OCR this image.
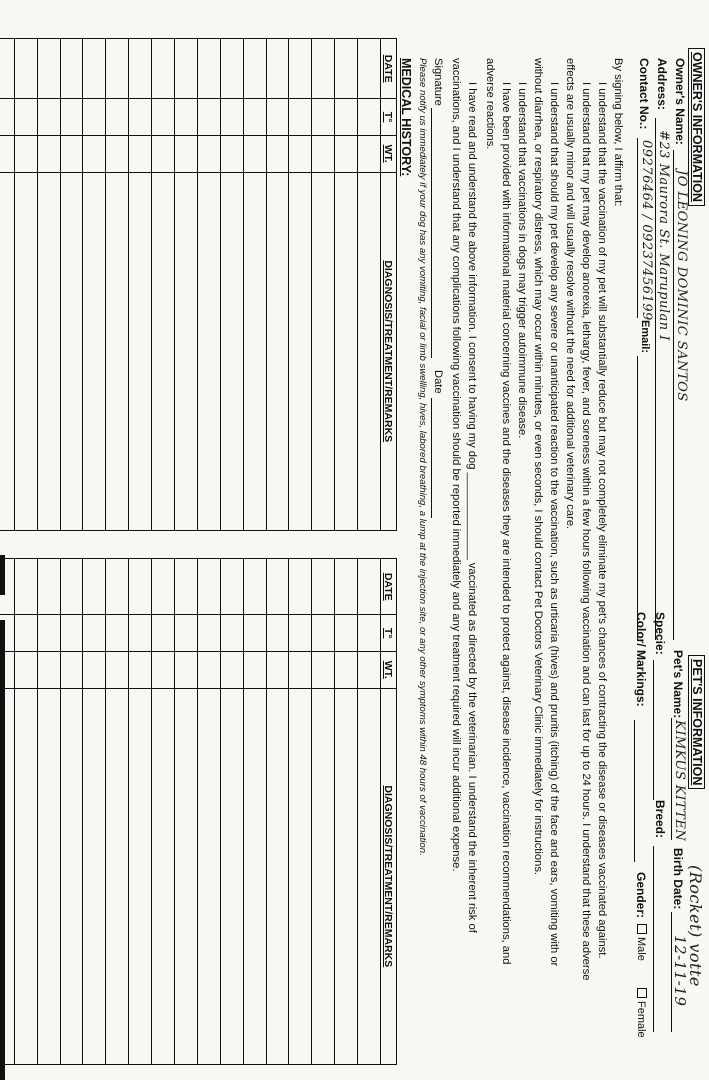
OWNER'S INFORMATION
Owner's Name:
JO LEONING DOMINIC SANTOS
Address:
#23 Maurora St. Marupulan I
Contact No.:
09276464 / 09237456199
Email:
PET'S INFORMATION
(Rocket) votte
Pet's Name:
KIMKUS KITTEN
Birth Date:
12-11-19
Specie:
Breed:
Color/ Markings:
Gender:
Male
Female
By signing below, I affirm that:
I understand that the vaccination of my pet will substantially reduce but may not completely eliminate my pet's chances of contracting the disease or diseases vaccinated against.
I understand that my pet may develop anorexia, lethargy, fever, and soreness within a few hours following vaccination and can last for up to 24 hours. I understand that these adverse
effects are usually minor and will usually resolve without the need for additional veterinary care.
I understand that should my pet develop any severe or unanticipated reaction to the vaccination, such as urticaria (hives) and pruritis (itching) of the face and ears, vomiting with or
without diarrhea, or respiratory distress, which may occur within minutes, or even seconds, I should contact Pet Doctors Veterinary Clinic immediately for instructions.
I understand that vaccinations in dogs may trigger autoimmune disease.
I have been provided with informational material concerning vaccines and the diseases they are intended to protect against, disease incidence, vaccination recommendations, and
adverse reactions.
I have read and understand the above information. I consent to having my dog ______________ vaccinated as directed by the veterinarian. I understand the inherent risk of
vaccinations, and I understand that any complications following vaccination should be reported immediately and any treatment required will incur additional expense.
Signature
Date
Please notify us immediately if your dog has any vomiting, facial or limb swelling, hives, labored breathing, a lump at the injection site, or any other symptoms within 48 hours of vaccination.
MEDICAL HISTORY:
DATE	T°	WT.	DIAGNOSIS/TREATMENT/REMARKS

DATE	T°	WT.	DIAGNOSIS/TREATMENT/REMARKS
